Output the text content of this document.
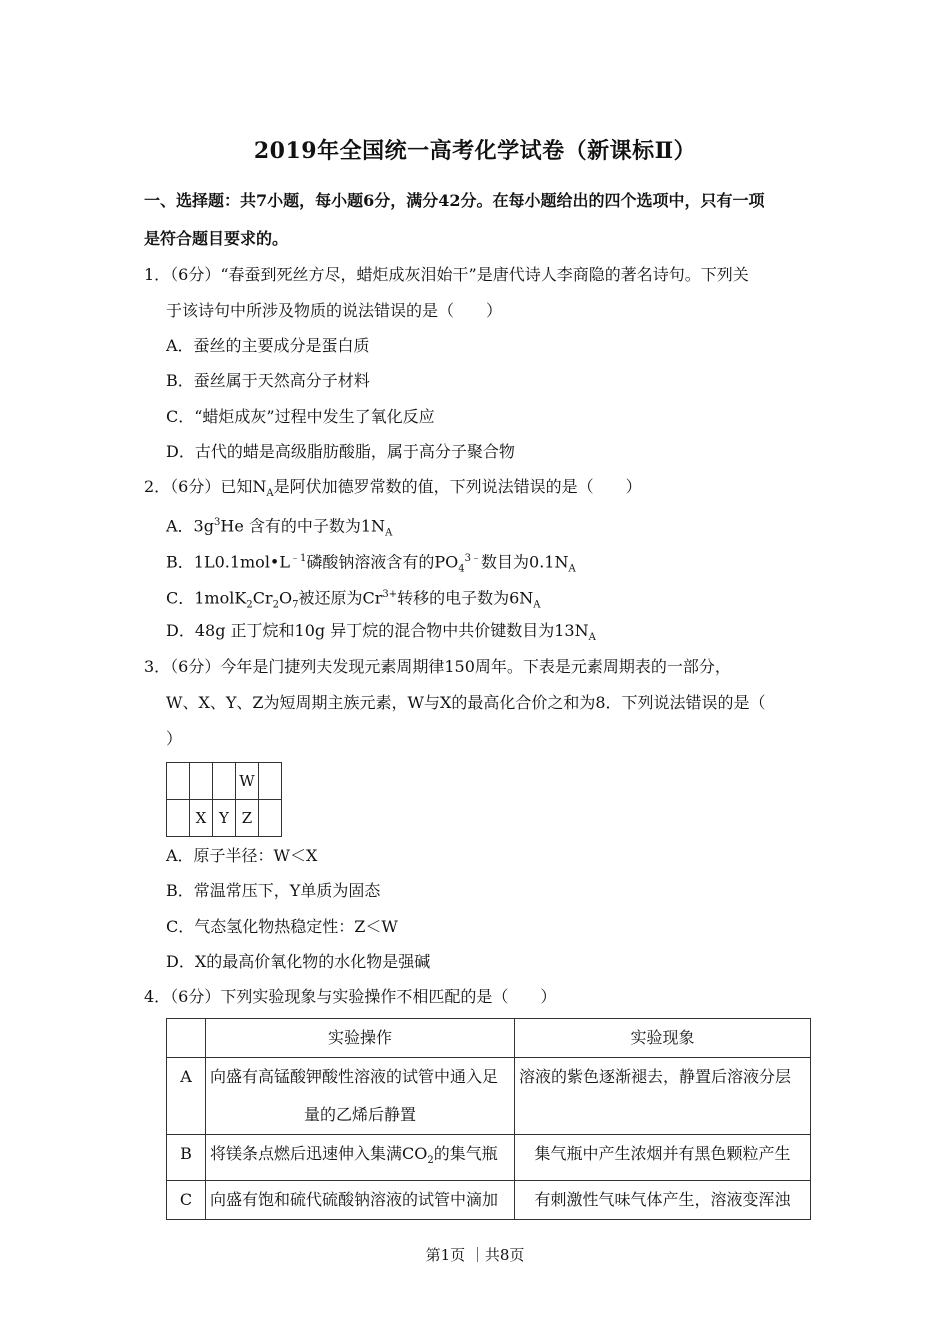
2019年全国统一高考化学试卷（新课标Ⅱ）
一、选择题：共7小题，每小题6分，满分42分。在每小题给出的四个选项中，只有一项
是符合题目要求的。
1．（6分）“春蚕到死丝方尽，蜡炬成灰泪始干”是唐代诗人李商隐的著名诗句。下列关
于该诗句中所涉及物质的说法错误的是（　　）
A．蚕丝的主要成分是蛋白质
B．蚕丝属于天然高分子材料
C．“蜡炬成灰”过程中发生了氧化反应
D．古代的蜡是高级脂肪酸脂，属于高分子聚合物
2．（6分）已知$N_A$是阿伏加德罗常数的值，下列说法错误的是（　　）
A．$3g^3He$ 含有的中子数为$1N_A$
B．$1L0.1mol•L^{﹣1}$磷酸钠溶液含有的$PO_4^{3﹣}$数目为$0.1N_A$
C．$1molK_2Cr_2O_7$被还原为$Cr^{3+}$转移的电子数为$6N_A$
D．48g 正丁烷和10g 异丁烷的混合物中共价键数目为$13N_A$
3．（6分）今年是门捷列夫发现元素周期律150周年。下表是元素周期表的一部分，
W、X、Y、Z为短周期主族元素，W与X的最高化合价之和为8．下列说法错误的是（
）
			W	
	X	Y	Z	
A．原子半径：W＜X
B．常温常压下，Y单质为固态
C．气态氢化物热稳定性：Z＜W
D．X的最高价氧化物的水化物是强碱
4．（6分）下列实验现象与实验操作不相匹配的是（　　）
	实验操作	实验现象
A	向盛有高锰酸钾酸性溶液的试管中通入足
量的乙烯后静置	溶液的紫色逐渐褪去，静置后溶液分层
B	将镁条点燃后迅速伸入集满$CO_2$的集气瓶	集气瓶中产生浓烟并有黑色颗粒产生
C	向盛有饱和硫代硫酸钠溶液的试管中滴加	有刺激性气味气体产生，溶液变浑浊
第1页 ｜共8页
